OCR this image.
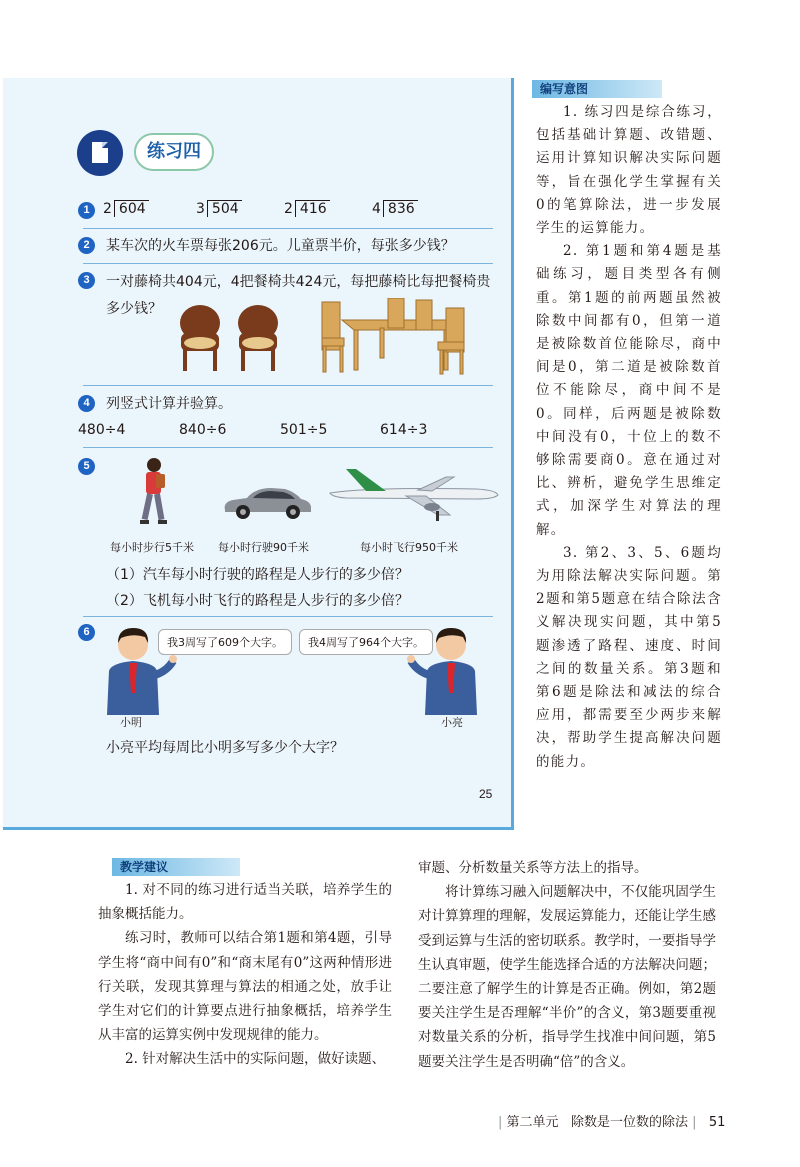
练习四
1 2 604	3 504	2 416	4 836
2	某车次的火车票每张206元。儿童票半价，每张多少钱？
3	一对藤椅共404元，4把餐椅共424元，每把藤椅比每把餐椅贵
多少钱？
4	列竖式计算并验算。
480÷4	840÷6	501÷5	614÷3
5
每小时步行5千米 每小时行驶90千米	每小时飞行950千米
（1）汽车每小时行驶的路程是人步行的多少倍？
（2）飞机每小时飞行的路程是人步行的多少倍？
6
我3周写了609个大字。	我4周写了964个大字。
小明	小亮
小亮平均每周比小明多写多少个大字？
25
编写意图

1. 练习四是综合练习，包括基础计算题、改错题、运用计算知识解决实际问题等，旨在强化学生掌握有关0的笔算除法，进一步发展学生的运算能力。

2. 第1题和第4题是基础练习，题目类型各有侧重。第1题的前两题虽然被除数中间都有0，但第一道是被除数首位能除尽，商中间是0，第二道是被除数首位不能除尽，商中间不是0。同样，后两题是被除数中间没有0，十位上的数不够除需要商0。意在通过对比、辨析，避免学生思维定式，加深学生对算法的理解。

3. 第2、3、5、6题均为用除法解决实际问题。第2题和第5题意在结合除法含义解决现实问题，其中第5题渗透了路程、速度、时间之间的数量关系。第3题和第6题是除法和减法的综合应用，都需要至少两步来解决，帮助学生提高解决问题的能力。

教学建议

1. 对不同的练习进行适当关联，培养学生的抽象概括能力。

练习时，教师可以结合第1题和第4题，引导学生将“商中间有0”和“商末尾有0”这两种情形进行关联，发现其算理与算法的相通之处，放手让学生对它们的计算要点进行抽象概括，培养学生从丰富的运算实例中发现规律的能力。

2. 针对解决生活中的实际问题，做好读题、

审题、分析数量关系等方法上的指导。

将计算练习融入问题解决中，不仅能巩固学生对计算算理的理解，发展运算能力，还能让学生感受到运算与生活的密切联系。教学时，一要指导学生认真审题，使学生能选择合适的方法解决问题；二要注意了解学生的计算是否正确。例如，第2题要关注学生是否理解“半价”的含义，第3题要重视对数量关系的分析，指导学生找准中间问题，第5题要关注学生是否明确“倍”的含义。

| 第二单元 除数是一位数的除法 | 51
